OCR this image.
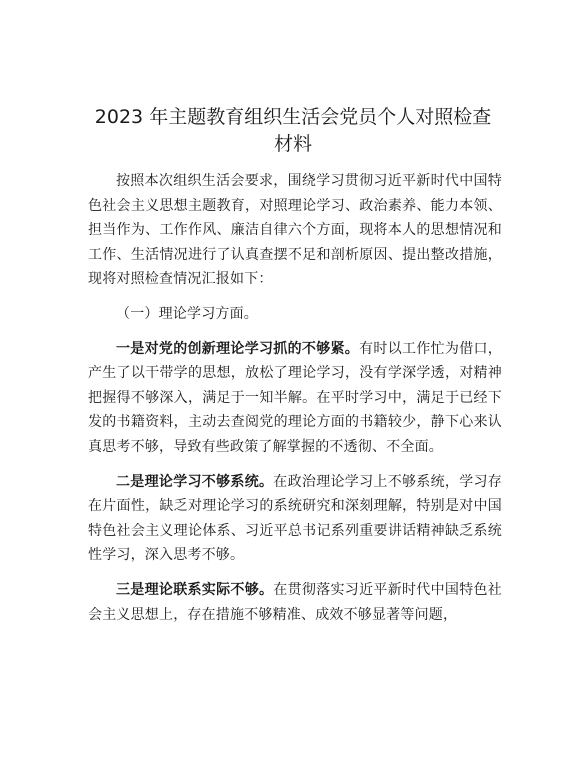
2023 年主题教育组织生活会党员个人对照检查
材料

按照本次组织生活会要求，围绕学习贯彻习近平新时代中国特色社会主义思想主题教育，对照理论学习、政治素养、能力本领、担当作为、工作作风、廉洁自律六个方面，现将本人的思想情况和工作、生活情况进行了认真查摆不足和剖析原因、提出整改措施，现将对照检查情况汇报如下：

（一）理论学习方面。

一是对党的创新理论学习抓的不够紧。有时以工作忙为借口，产生了以干带学的思想，放松了理论学习，没有学深学透，对精神把握得不够深入，满足于一知半解。在平时学习中，满足于已经下发的书籍资料，主动去查阅党的理论方面的书籍较少，静下心来认真思考不够，导致有些政策了解掌握的不透彻、不全面。

二是理论学习不够系统。在政治理论学习上不够系统，学习存在片面性，缺乏对理论学习的系统研究和深刻理解，特别是对中国特色社会主义理论体系、习近平总书记系列重要讲话精神缺乏系统性学习，深入思考不够。

三是理论联系实际不够。在贯彻落实习近平新时代中国特色社会主义思想上，存在措施不够精准、成效不够显著等问题，
